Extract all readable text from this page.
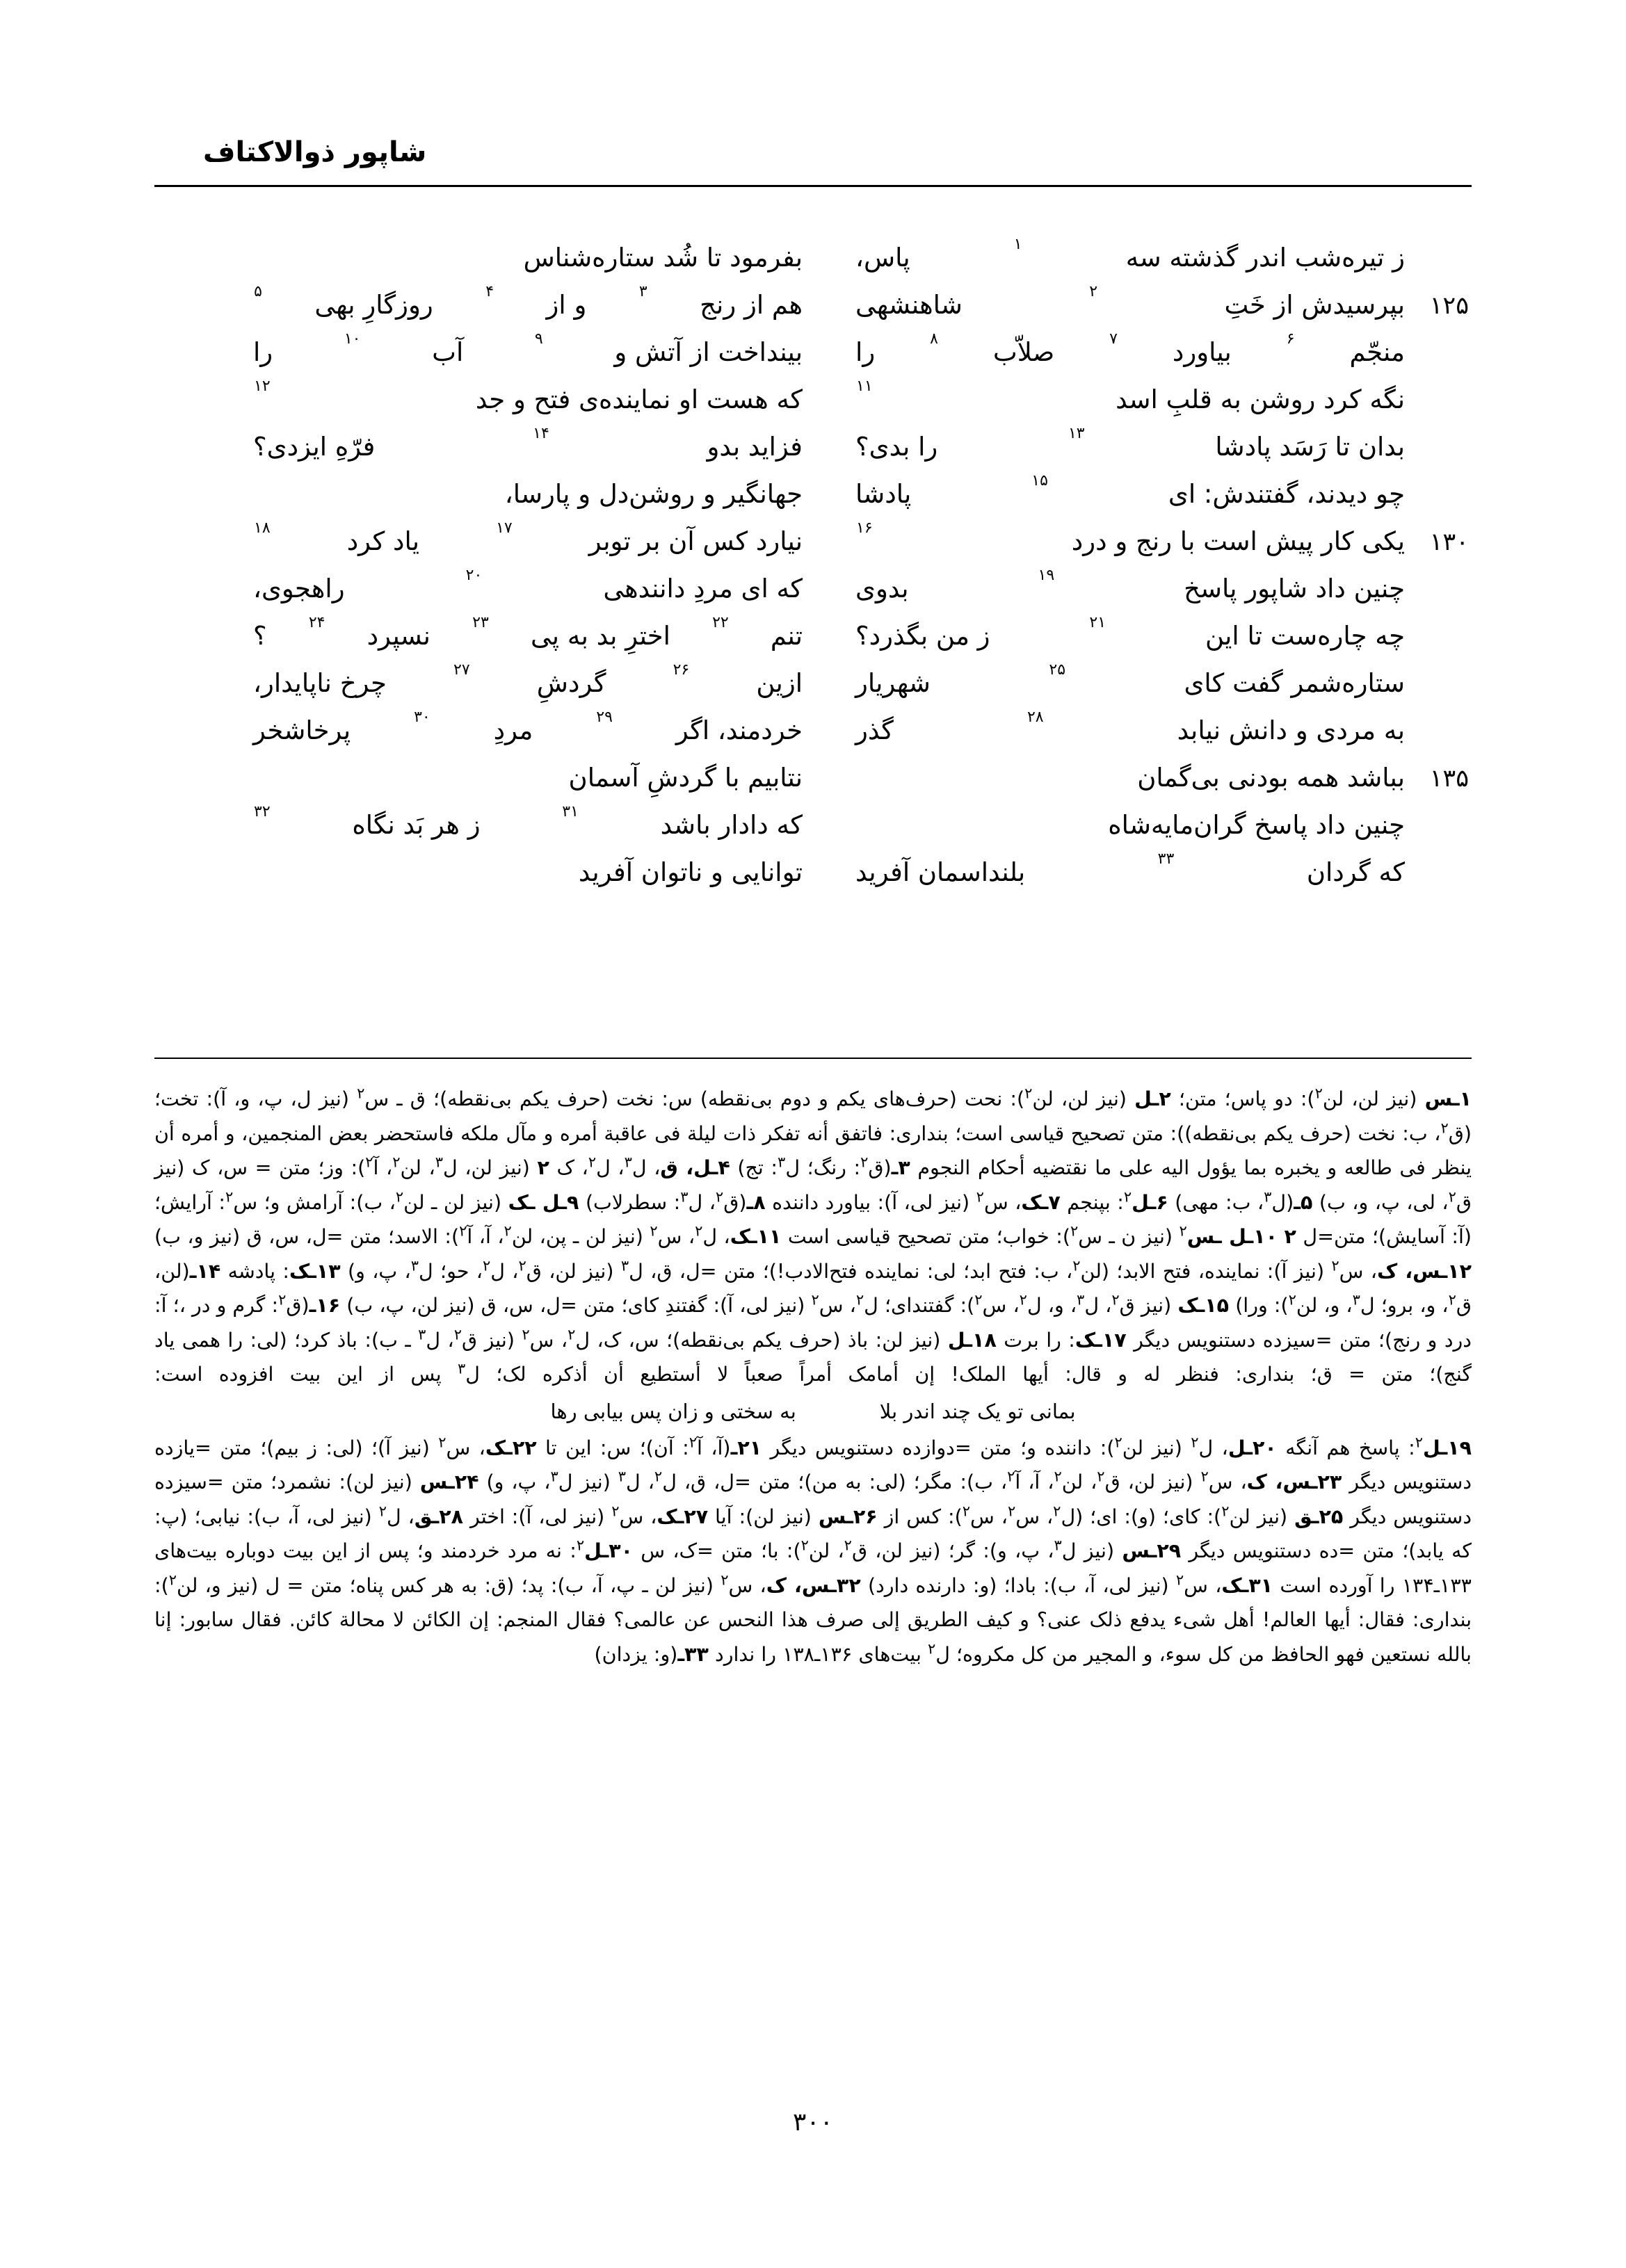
شاپور ذوالاکتاف
ز تیره‌شب اندر گذشته سه
۱
پاس،
بفرمود تا شُد ستاره‌شناس
۱۲۵
بپرسیدش از خَتِ
۲
شاهنشهی
هم از رنج
۳
و از
۴
روزگارِ بهی
۵
منجّم
۶
بیاورد
۷
صلاّب
۸
را
بینداخت از آتش و
۹
آب
۱۰
را
نگه کرد روشن به قلبِ اسد
۱۱
که هست او نماینده‌ی فتح و جد
۱۲
بدان تا رَسَد پادشا
۱۳
را بدی؟
فزاید بدو
۱۴
فرّهِ ایزدی؟
چو دیدند، گفتندش: ای
۱۵
پادشا
جهانگیر و روشن‌دل و پارسا،
۱۳۰
یکی کار پیش است با رنج و درد
۱۶
نیارد کس آن بر توبر
۱۷
یاد کرد
۱۸
چنین داد شاپور پاسخ
۱۹
بدوی
که ای مردِ دانندهی
۲۰
راهجوی،
چه چاره‌ست تا این
۲۱
ز من بگذرد؟
تنم
۲۲
اخترِ بد به پی
۲۳
نسپرد
۲۴
؟
ستاره‌شمر گفت کای
۲۵
شهریار
ازین
۲۶
گردشِ
۲۷
چرخ ناپایدار،
به مردی و دانش نیابد
۲۸
گذر
خردمند، اگر
۲۹
مردِ
۳۰
پرخاشخر
۱۳۵
بباشد همه بودنی بی‌گمان
نتابیم با گردشِ آسمان
چنین داد پاسخ گران‌مایه‌شاه
که دادار باشد
۳۱
ز هر بَد نگاه
۳۲
که گردان
۳۳
بلنداسمان آفرید
توانایی و ناتوان آفرید

۱ـس (نیز لن، لن$^۲$): دو پاس؛ متن؛ ۲ـل (نیز لن، لن$^۲$): نحت (حرف‌های یکم و دوم بی‌نقطه) س: نخت (حرف یکم بی‌نقطه)؛ ق ـ س$^۲$ (نیز ل، پ، و، آ): تخت؛ (ق$^۲$، ب: نخت (حرف یکم بی‌نقطه)): متن تصحیح قیاسی است؛ بنداری: فاتفق أنه تفکر ذات لیلة فی عاقبة أمره و مآل ملکه فاستحضر بعض المنجمین، و أمره أن ینظر فی طالعه و یخبره بما یؤول الیه علی ما نقتضیه أحکام النجوم ۳ـ(ق$^۲$: رنگ؛ ل$^۳$: تج) ۴ـل، ق، ل$^۳$، ل$^۲$، ک ۲ (نیز لن، ل$^۳$، لن$^۲$، آ$^۲$): وز؛ متن = س، ک (نیز ق$^۲$، لی، پ، و، ب) ۵ـ(ل$^۳$، ب: مهی) ۶ـل$^۲$: بپنجم ۷ـک، س$^۲$ (نیز لی، آ): بیاورد داننده ۸ـ(ق$^۲$، ل$^۳$: سطرلاب) ۹ـل ـک (نیز لن ـ لن$^۲$، ب): آرامش و؛ س$^۲$: آرایش؛ (آ: آسایش)؛ متن=ل ۲ ۱۰ـل ـس$^۲$ (نیز ن ـ س$^۲$): خواب؛ متن تصحیح قیاسی است ۱۱ـک، ل$^۲$، س$^۲$ (نیز لن ـ پن، لن$^۲$، آ، آ$^۲$): الاسد؛ متن =ل، س، ق (نیز و، ب) ۱۲ـس، ک، س$^۲$ (نیز آ): نماینده، فتح الابد؛ (لن$^۲$، ب: فتح ابد؛ لی: نماینده فتح‌الادب!)؛ متن =ل، ق، ل$^۳$ (نیز لن، ق$^۲$، ل$^۲$، حو؛ ل$^۳$، پ، و) ۱۳ـک: پادشه ۱۴ـ(لن، ق$^۲$، و، برو؛ ل$^۳$، و، لن$^۲$): ورا) ۱۵ـک (نیز ق$^۲$، ل$^۳$، و، ل$^۲$، س$^۲$): گفتندای؛ ل$^۲$، س$^۲$ (نیز لی، آ): گفتندِ کای؛ متن =ل، س، ق (نیز لن، پ، ب) ۱۶ـ(ق$^۲$: گرم و در ،؛ آ: درد و رنج)؛ متن =سیزده دستنویس دیگر ۱۷ـک: را برت ۱۸ـل (نیز لن: باذ (حرف یکم بی‌نقطه)؛ س، ک، ل$^۲$، س$^۲$ (نیز ق$^۲$، ل$^۳$ ـ ب): باذ کرد؛ (لی: را همی یاد گنج)؛ متن = ق؛ بنداری: فنظر له و قال: أیها الملک! إن أمامک أمراً صعباً لا أستطیع أن أذکره لک؛ ل$^۳$ پس از این بیت افزوده است:

بمانی تو یک چند اندر بلا
به سختی و زان پس بیابی رها

۱۹ـل$^۲$: پاسخ هم آنگه ۲۰ـل، ل$^۲$ (نیز لن$^۲$): داننده و؛ متن =دوازده دستنویس دیگر ۲۱ـ(آ، آ$^۲$: آن)؛ س: این تا ۲۲ـک، س$^۲$ (نیز آ)؛ (لی: ز بیم)؛ متن =یازده دستنویس دیگر ۲۳ـس، ک، س$^۲$ (نیز لن، ق$^۲$، لن$^۲$، آ، آ$^۲$، ب): مگر؛ (لی: به من)؛ متن =ل، ق، ل$^۲$، ل$^۳$ (نیز ل$^۳$، پ، و) ۲۴ـس (نیز لن): نشمرد؛ متن =سیزده دستنویس دیگر ۲۵ـق (نیز لن$^۲$): کای؛ (و): ای؛ (ل$^۲$، س$^۲$، س$^۲$): کس از ۲۶ـس (نیز لن): آیا ۲۷ـک، س$^۲$ (نیز لی، آ): اختر ۲۸ـق، ل$^۲$ (نیز لی، آ، ب): نیابی؛ (پ: که یابد)؛ متن =ده دستنویس دیگر ۲۹ـس (نیز ل$^۳$، پ، و): گر؛ (نیز لن، ق$^۲$، لن$^۲$): با؛ متن =ک، س ۳۰ـل$^۲$: نه مرد خردمند و؛ پس از این بیت دوباره بیت‌های ۱۳۳ـ۱۳۴ را آورده است ۳۱ـک، س$^۲$ (نیز لی، آ، ب): بادا؛ (و: دارنده دارد) ۳۲ـس، ک، س$^۲$ (نیز لن ـ پ، آ، ب): پد؛ (ق: به هر کس پناه؛ متن = ل (نیز و، لن$^۲$): بنداری: فقال: أیها العالم! أهل شیء یدفع ذلک عنی؟ و کیف الطریق إلی صرف هذا النحس عن عالمی؟ فقال المنجم: إن الکائن لا محالة کائن. فقال سابور: إنا بالله نستعین فهو الحافظ من کل سوء، و المجیر من کل مکروه؛ ل$^۲$ بیت‌های ۱۳۶ـ۱۳۸ را ندارد ۳۳ـ(و: یزدان)

۳۰۰
